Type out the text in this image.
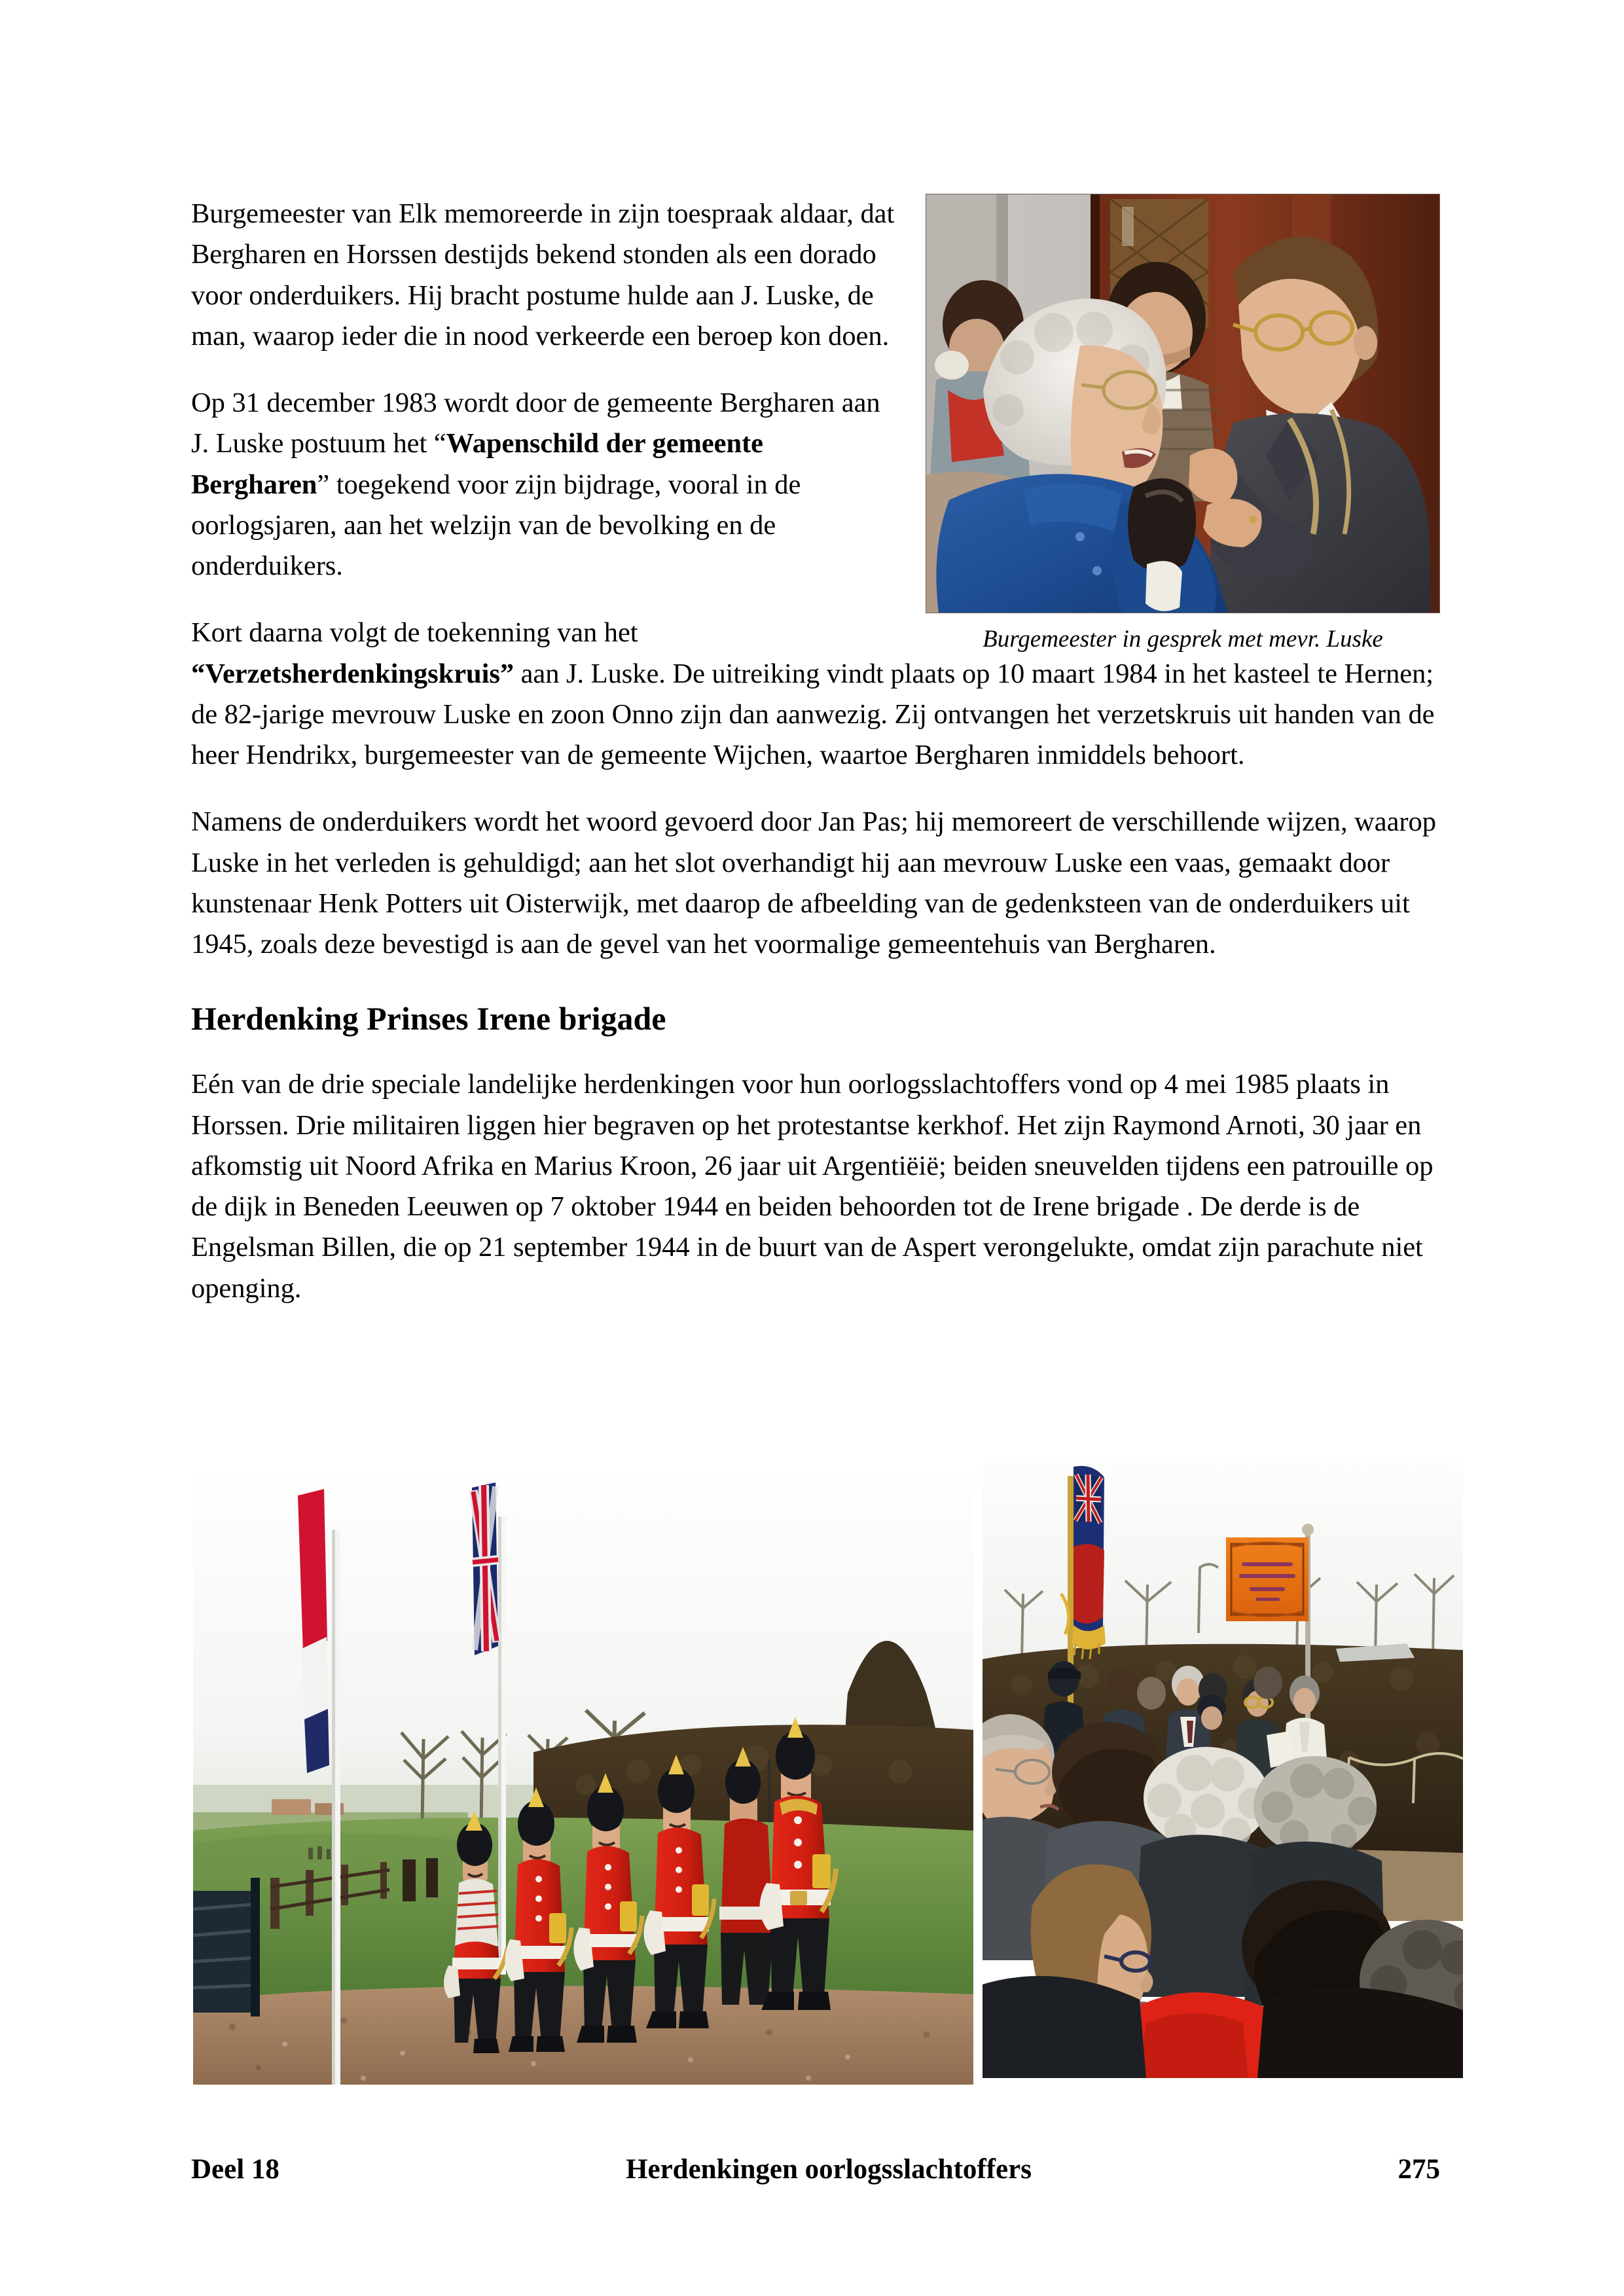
Burgemeester in gesprek met mevr. Luske

Burgemeester van Elk memoreerde in zijn toespraak aldaar, dat Bergharen en Horssen destijds bekend stonden als een dorado voor onderduikers. Hij bracht postume hulde aan J. Luske, de man, waarop ieder die in nood verkeerde een beroep kon doen.

Op 31 december 1983 wordt door de gemeente Bergharen aan J. Luske postuum het “Wapenschild der gemeente Bergharen” toegekend voor zijn bijdrage, vooral in de oorlogsjaren, aan het welzijn van de bevolking en de onderduikers.

Kort daarna volgt de toekenning van het “Verzetsherdenkingskruis” aan J. Luske. De uitreiking vindt plaats op 10 maart 1984 in het kasteel te Hernen; de 82-jarige mevrouw Luske en zoon Onno zijn dan aanwezig. Zij ontvangen het verzetskruis uit handen van de heer Hendrikx, burgemeester van de gemeente Wijchen, waartoe Bergharen inmiddels behoort.

Namens de onderduikers wordt het woord gevoerd door Jan Pas; hij memoreert de verschillende wijzen, waarop Luske in het verleden is gehuldigd; aan het slot overhandigt hij aan mevrouw Luske een vaas, gemaakt door kunstenaar Henk Potters uit Oisterwijk, met daarop de afbeelding van de gedenksteen van de onderduikers uit 1945, zoals deze bevestigd is aan de gevel van het voormalige gemeentehuis van Bergharen.

Herdenking Prinses Irene brigade

Eén van de drie speciale landelijke herdenkingen voor hun oorlogsslachtoffers vond op 4 mei 1985 plaats in Horssen. Drie militairen liggen hier begraven op het protestantse kerkhof. Het zijn Raymond Arnoti, 30 jaar en afkomstig uit Noord Afrika en Marius Kroon, 26 jaar uit Argentiëië; beiden sneuvelden tijdens een patrouille op de dijk in Beneden Leeuwen op 7 oktober 1944 en beiden behoorden tot de Irene brigade . De derde is de Engelsman Billen, die op 21 september 1944 in de buurt van de Aspert verongelukte, omdat zijn parachute niet openging.

Deel 18	Herdenkingen oorlogsslachtoffers	275
